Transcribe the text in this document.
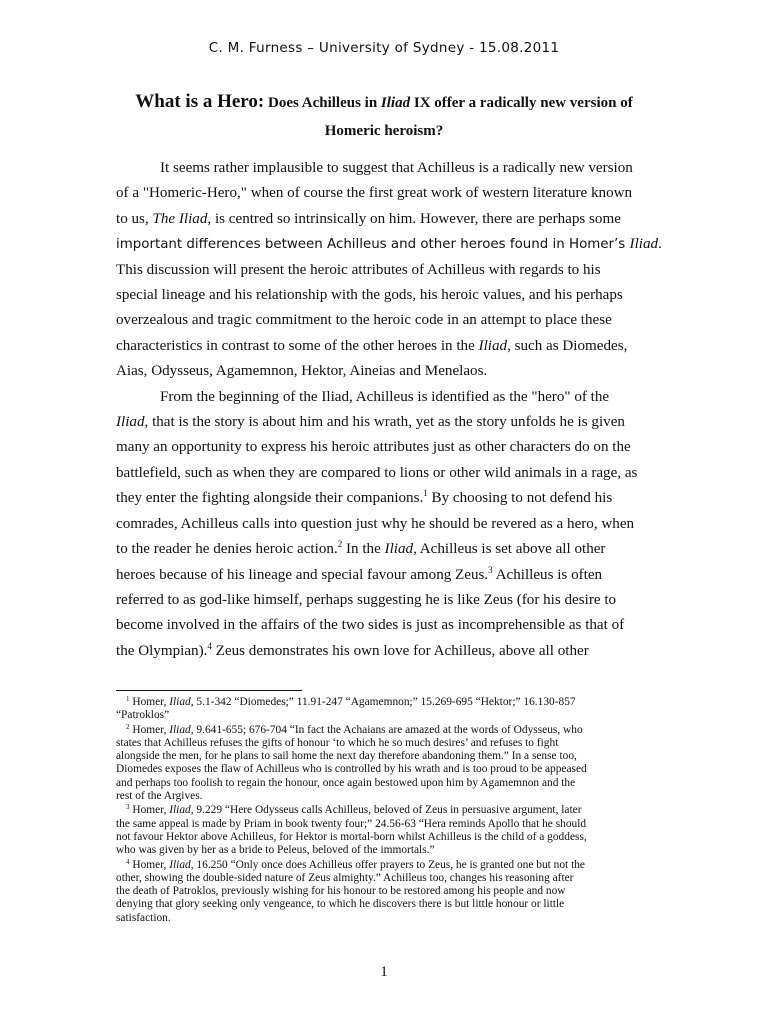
C. M. Furness – University of Sydney - 15.08.2011
What is a Hero: Does Achilleus in Iliad IX offer a radically new version of
Homeric heroism?

It seems rather implausible to suggest that Achilleus is a radically new version
of a "Homeric-Hero," when of course the first great work of western literature known
to us, The Iliad, is centred so intrinsically on him. However, there are perhaps some
important differences between Achilleus and other heroes found in Homer’s Iliad.
This discussion will present the heroic attributes of Achilleus with regards to his
special lineage and his relationship with the gods, his heroic values, and his perhaps
overzealous and tragic commitment to the heroic code in an attempt to place these
characteristics in contrast to some of the other heroes in the Iliad, such as Diomedes,
Aias, Odysseus, Agamemnon, Hektor, Aineias and Menelaos.

From the beginning of the Iliad, Achilleus is identified as the "hero" of the
Iliad, that is the story is about him and his wrath, yet as the story unfolds he is given
many an opportunity to express his heroic attributes just as other characters do on the
battlefield, such as when they are compared to lions or other wild animals in a rage, as
they enter the fighting alongside their companions.$^1$ By choosing to not defend his
comrades, Achilleus calls into question just why he should be revered as a hero, when
to the reader he denies heroic action.$^2$ In the Iliad, Achilleus is set above all other
heroes because of his lineage and special favour among Zeus.$^3$ Achilleus is often
referred to as god-like himself, perhaps suggesting he is like Zeus (for his desire to
become involved in the affairs of the two sides is just as incomprehensible as that of
the Olympian).$^4$ Zeus demonstrates his own love for Achilleus, above all other

$^1$ Homer, Iliad, 5.1-342 “Diomedes;” 11.91-247 “Agamemnon;” 15.269-695 “Hektor;” 16.130-857
“Patroklos”
$^2$ Homer, Iliad, 9.641-655; 676-704 “In fact the Achaians are amazed at the words of Odysseus, who
states that Achilleus refuses the gifts of honour ‘to which he so much desires’ and refuses to fight
alongside the men, for he plans to sail home the next day therefore abandoning them.” In a sense too,
Diomedes exposes the flaw of Achilleus who is controlled by his wrath and is too proud to be appeased
and perhaps too foolish to regain the honour, once again bestowed upon him by Agamemnon and the
rest of the Argives.
$^3$ Homer, Iliad, 9.229 “Here Odysseus calls Achilleus, beloved of Zeus in persuasive argument, later
the same appeal is made by Priam in book twenty four;” 24.56-63 “Hera reminds Apollo that he should
not favour Hektor above Achilleus, for Hektor is mortal-born whilst Achilleus is the child of a goddess,
who was given by her as a bride to Peleus, beloved of the immortals.”
$^4$ Homer, Iliad, 16.250 “Only once does Achilleus offer prayers to Zeus, he is granted one but not the
other, showing the double-sided nature of Zeus almighty.” Achilleus too, changes his reasoning after
the death of Patroklos, previously wishing for his honour to be restored among his people and now
denying that glory seeking only vengeance, to which he discovers there is but little honour or little
satisfaction.
1
